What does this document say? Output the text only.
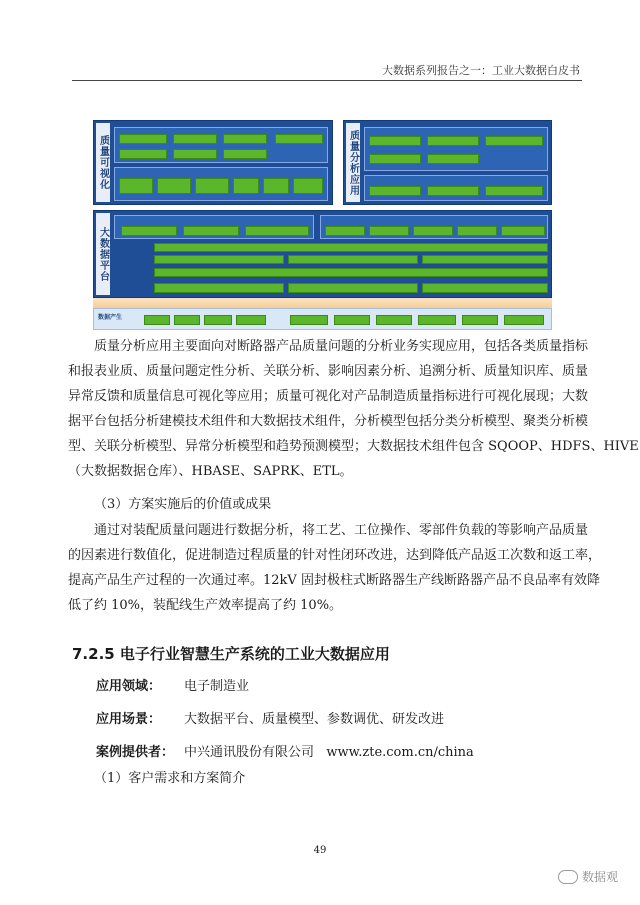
大数据系列报告之一：工业大数据白皮书
质量可视化	质量分析应用
大数据平台
数据产生
质量分析应用主要面向对断路器产品质量问题的分析业务实现应用，包括各类质量指标
和报表业质、质量问题定性分析、关联分析、影响因素分析、追溯分析、质量知识库、质量
异常反馈和质量信息可视化等应用；质量可视化对产品制造质量指标进行可视化展现；大数
据平台包括分析建模技术组件和大数据技术组件，分析模型包括分类分析模型、聚类分析模
型、关联分析模型、异常分析模型和趋势预测模型；大数据技术组件包含 SQOOP、HDFS、HIVE
（大数据数据仓库）、HBASE、SAPRK、ETL。
（3）方案实施后的价值或成果
通过对装配质量问题进行数据分析，将工艺、工位操作、零部件负载的等影响产品质量
的因素进行数值化，促进制造过程质量的针对性闭环改进，达到降低产品返工次数和返工率，
提高产品生产过程的一次通过率。12kV 固封极柱式断路器生产线断路器产品不良品率有效降
低了约 10%，装配线生产效率提高了约 10%。
7.2.5 电子行业智慧生产系统的工业大数据应用
应用领域： 电子制造业
应用场景： 大数据平台、质量模型、参数调优、研发改进
案例提供者： 中兴通讯股份有限公司   www.zte.com.cn/china
（1）客户需求和方案简介
49
数据观
